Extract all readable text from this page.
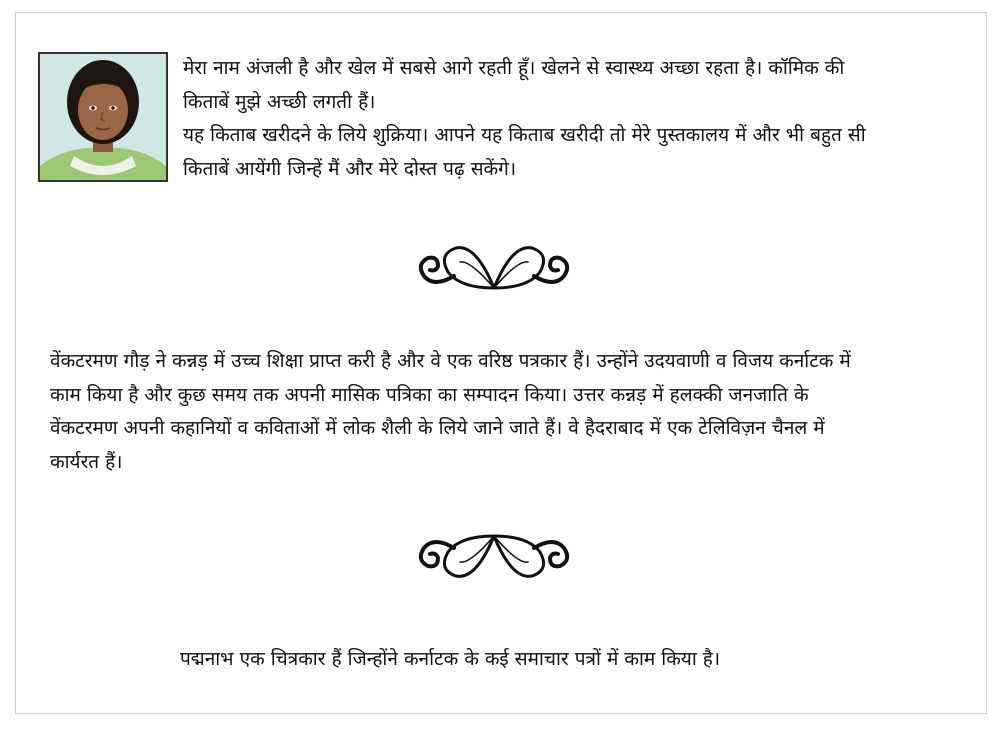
मेरा नाम अंजली है और खेल में सबसे आगे रहती हूँ। खेलने से स्वास्थ्य अच्छा रहता है। कॉमिक की
किताबें मुझे अच्छी लगती हैं।
यह किताब खरीदने के लिये शुक्रिया। आपने यह किताब खरीदी तो मेरे पुस्तकालय में और भी बहुत सी
किताबें आयेंगी जिन्हें मैं और मेरे दोस्त पढ़ सकेंगे।
वेंकटरमण गौड़ ने कन्नड़ में उच्च शिक्षा प्राप्त करी है और वे एक वरिष्ठ पत्रकार हैं। उन्होंने उदयवाणी व विजय कर्नाटक में
काम किया है और कुछ समय तक अपनी मासिक पत्रिका का सम्पादन किया। उत्तर कन्नड़ में हलक्की जनजाति के
वेंकटरमण अपनी कहानियों व कविताओं में लोक शैली के लिये जाने जाते हैं। वे हैदराबाद में एक टेलिविज़न चैनल में
कार्यरत हैं।
पद्मनाभ एक चित्रकार हैं जिन्होंने कर्नाटक के कई समाचार पत्रों में काम किया है।
